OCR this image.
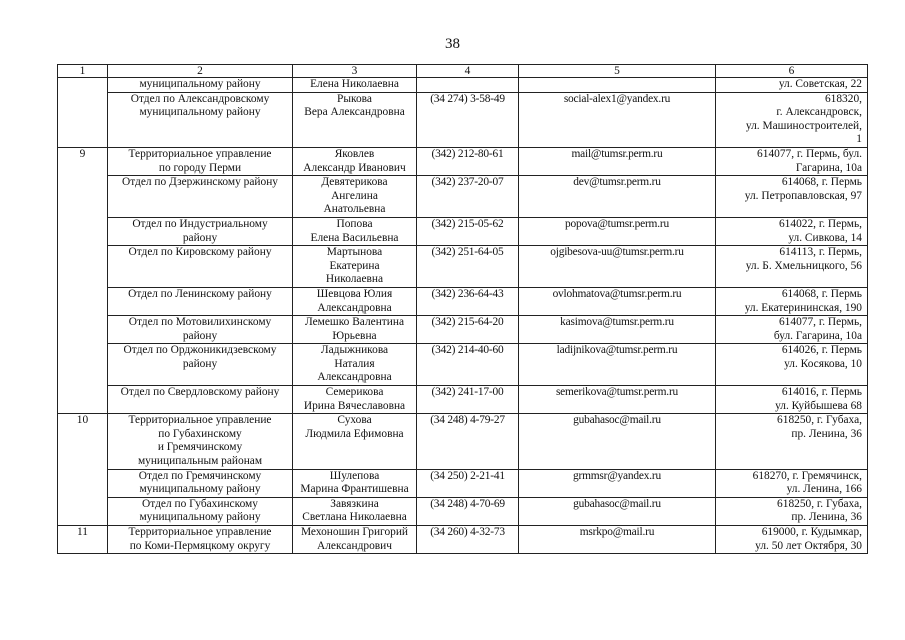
38
1	2	3	4	5	6

	муниципальному району	Елена Николаевна			ул. Советская, 22

	Отдел по Александровскому
муниципальному району	Рыкова
Вера Александровна	(34 274) 3-58-49	social-alex1@yandex.ru	618320,
г. Александровск,
ул. Машиностроителей,
1

9	Территориальное управление
по городу Перми	Яковлев
Александр Иванович	(342) 212-80-61	mail@tumsr.perm.ru	614077, г. Пермь, бул.
Гагарина, 10а

	Отдел по Дзержинскому району	Девятерикова
Ангелина
Анатольевна	(342) 237-20-07	dev@tumsr.perm.ru	614068, г. Пермь
ул. Петропавловская, 97

	Отдел по Индустриальному
району	Попова
Елена Васильевна	(342) 215-05-62	popova@tumsr.perm.ru	614022, г. Пермь,
ул. Сивкова, 14

	Отдел по Кировскому району	Мартынова
Екатерина
Николаевна	(342) 251-64-05	ojgibesova-uu@tumsr.perm.ru	614113, г. Пермь,
ул. Б. Хмельницкого, 56

	Отдел по Ленинскому району	Шевцова Юлия
Александровна	(342) 236-64-43	ovlohmatova@tumsr.perm.ru	614068, г. Пермь
ул. Екатерининская, 190

	Отдел по Мотовилихинскому
району	Лемешко Валентина
Юрьевна	(342) 215-64-20	kasimova@tumsr.perm.ru	614077, г. Пермь,
бул. Гагарина, 10а

	Отдел по Орджоникидзевскому
району	Ладыжникова
Наталия
Александровна	(342) 214-40-60	ladijnikova@tumsr.perm.ru	614026, г. Пермь
ул. Косякова, 10

	Отдел по Свердловскому району	Семерикова
Ирина Вячеславовна	(342) 241-17-00	semerikova@tumsr.perm.ru	614016, г. Пермь
ул. Куйбышева 68

10	Территориальное управление
по Губахинскому
и Гремячинскому
муниципальным районам	Сухова
Людмила Ефимовна	(34 248) 4-79-27	gubahasoc@mail.ru	618250, г. Губаха,
пр. Ленина, 36

	Отдел по Гремячинскому
муниципальному району	Шулепова
Марина Франтишевна	(34 250) 2-21-41	grmmsr@yandex.ru	618270, г. Гремячинск,
ул. Ленина, 166

	Отдел по Губахинскому
муниципальному району	Завязкина
Светлана Николаевна	(34 248) 4-70-69	gubahasoc@mail.ru	618250, г. Губаха,
пр. Ленина, 36

11	Территориальное управление
по Коми-Пермяцкому округу	Мехоношин Григорий
Александрович	(34 260) 4-32-73	msrkpo@mail.ru	619000, г. Кудымкар,
ул. 50 лет Октября, 30
